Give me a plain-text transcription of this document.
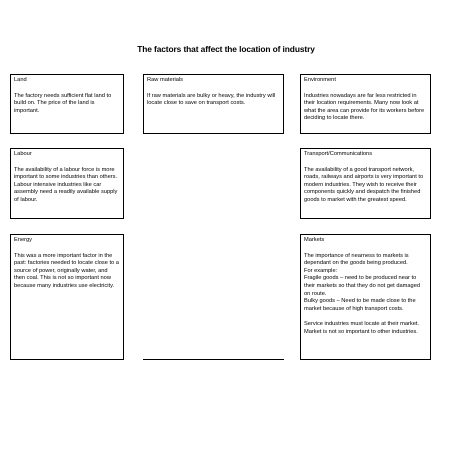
The factors that affect the location of industry
Land
The factory needs sufficient flat land to build on. The price of the land is important.
Raw materials
If raw materials are bulky or heavy, the industry will locate close to save on transport costs.
Environment
Industries nowadays are far less restricted in their location requirements. Many now look at what the area can provide for its workers before deciding to locate there.
Labour
The availability of a labour force is more important to some industries than others. Labour intensive industries like car assembly need a readily available supply of labour.
Transport/Communications
The availability of a good transport network, roads, railways and airports is very important to modern industries. They wish to receive their components quickly and despatch the finished goods to market with the greatest speed.
Energy
This was a more important factor in the past: factories needed to locate close to a source of power, originally water, and then coal. This is not so important now because many industries use electricity.
Markets

The importance of nearness to markets is dependant on the goods being produced.

For example:

Fragile goods – need to be produced near to their markets so that they do not get damaged on route.

Bulky goods – Need to be made close to the market because of high transport costs.

Service industries must locate at their market. Market is not so important to other industries.
